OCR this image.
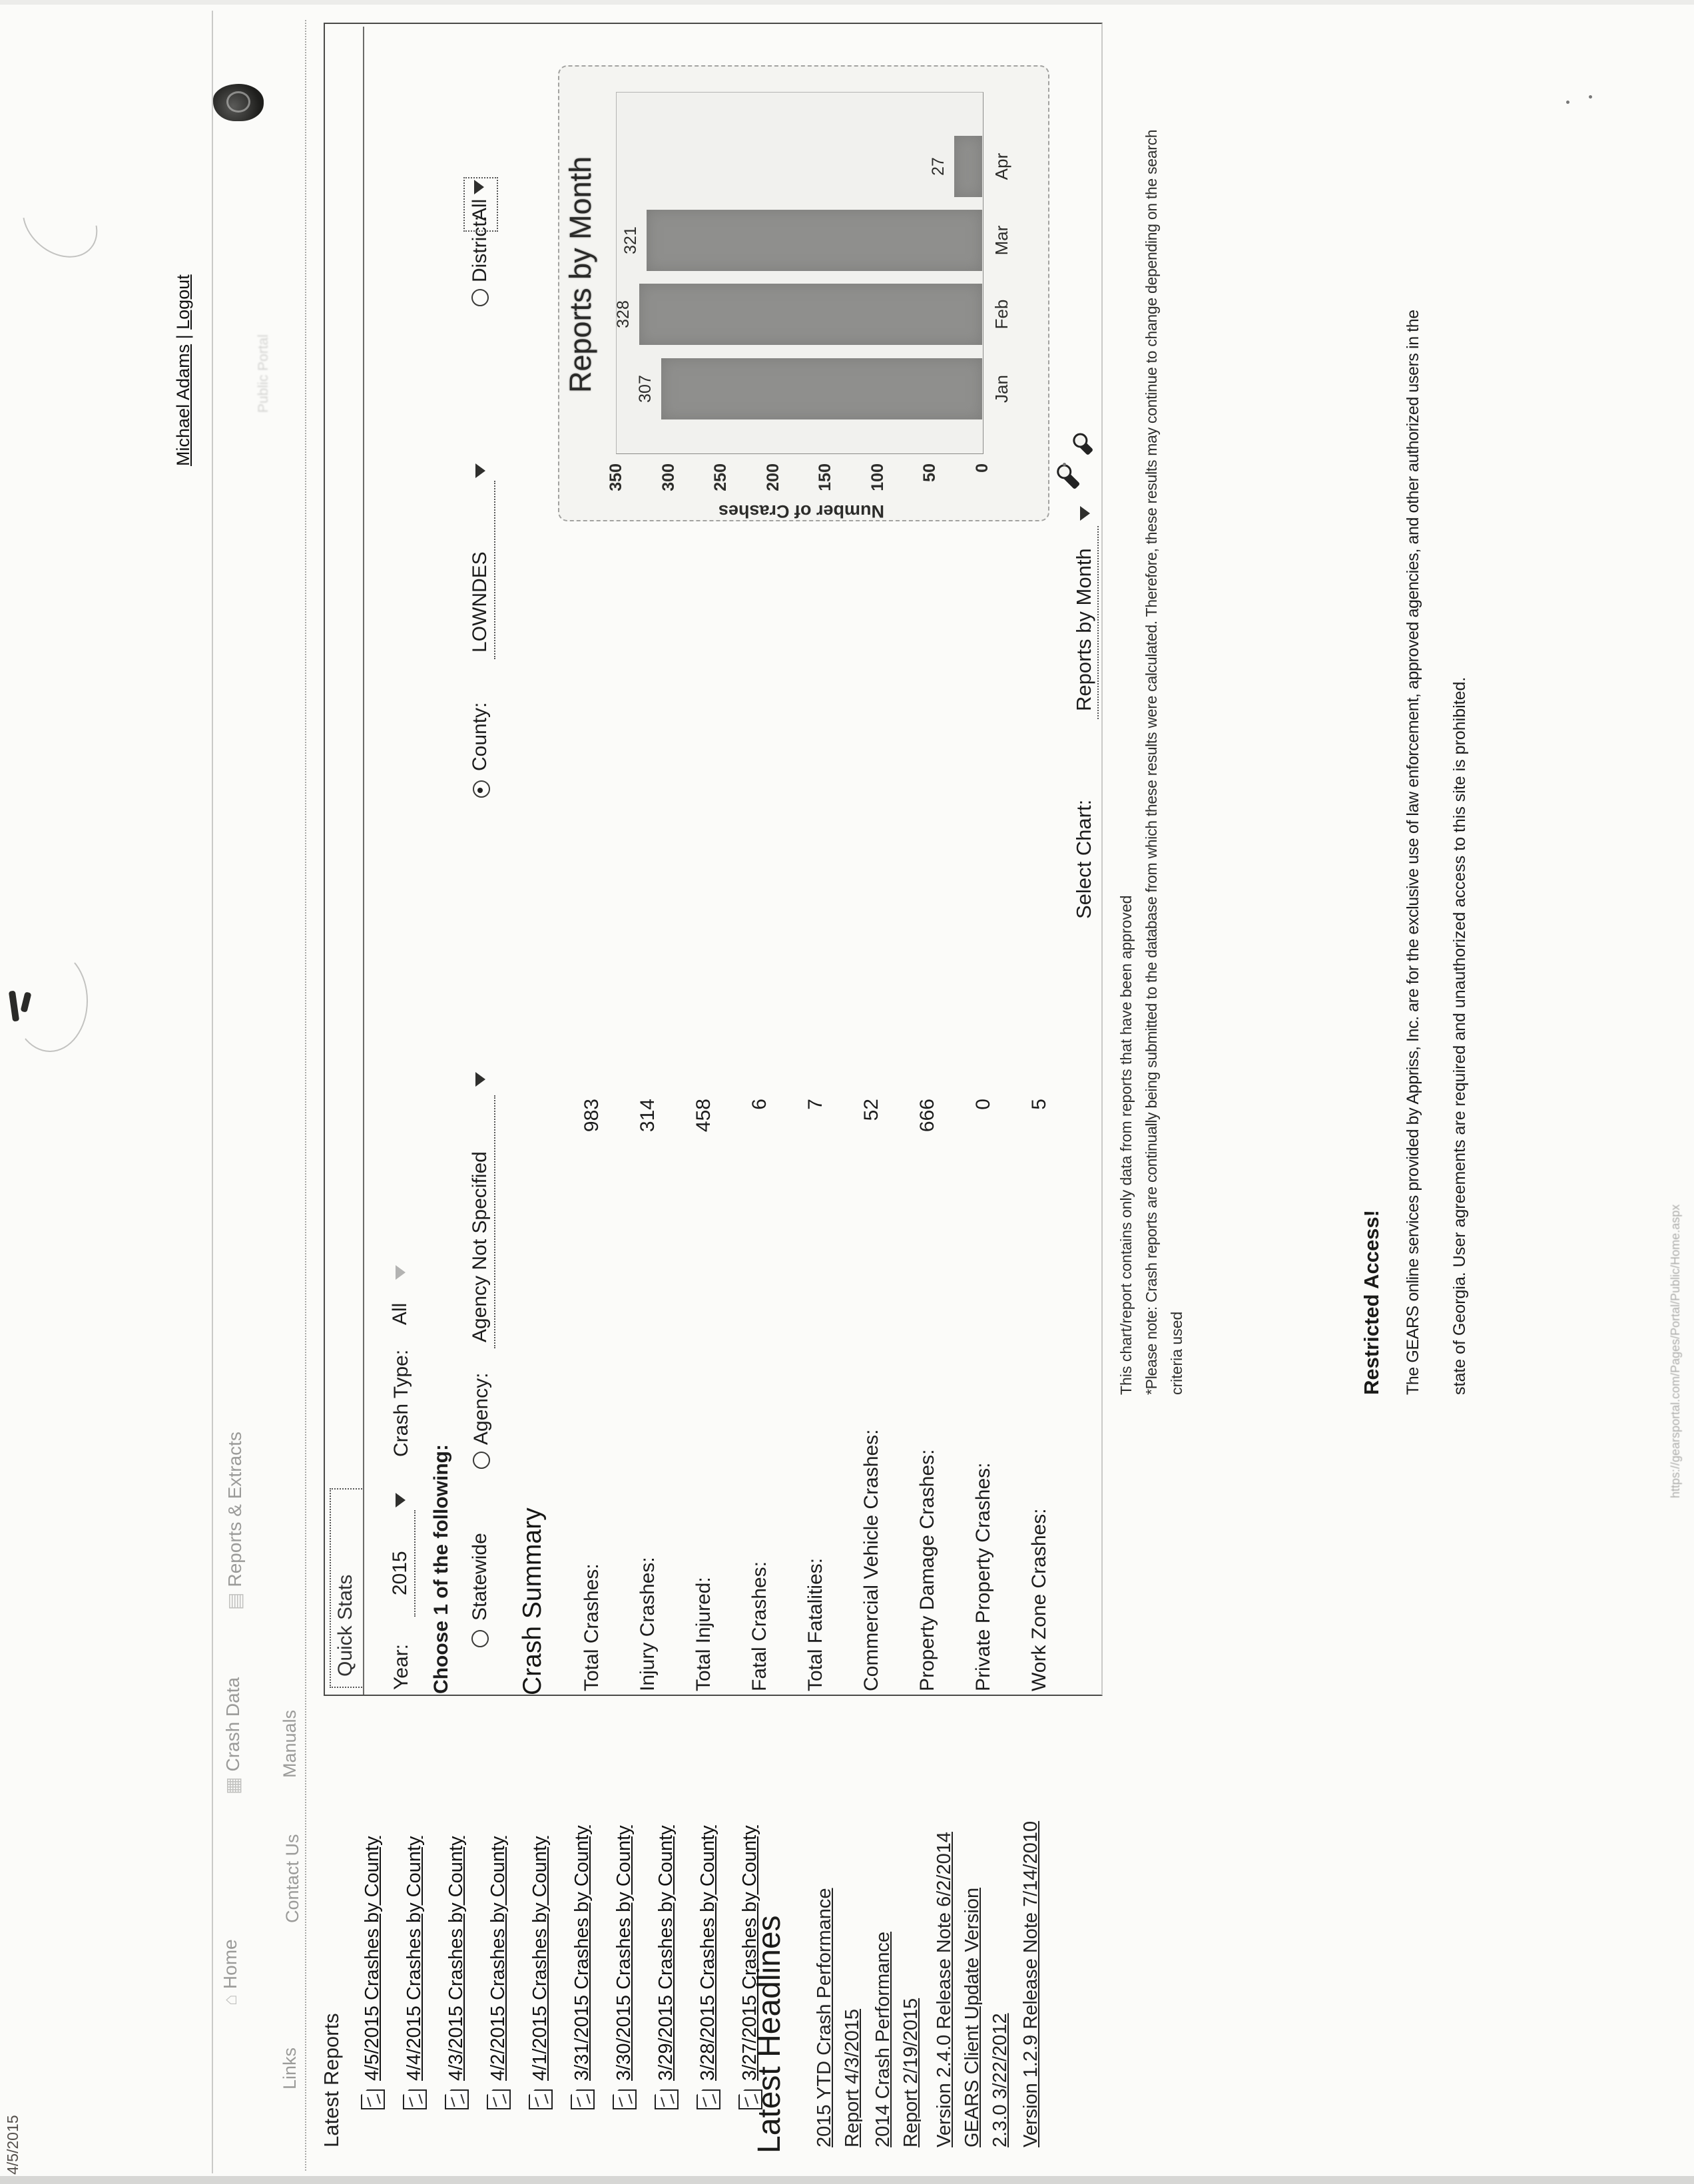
4/5/2015
Michael Adams | Logout
Public Portal
⌂Home
▦Crash Data
▤Reports & Extracts
Links
Contact Us
Manuals
Latest Reports 4/5/2015 Crashes by County 4/4/2015 Crashes by County 4/3/2015 Crashes by County 4/2/2015 Crashes by County 4/1/2015 Crashes by County 3/31/2015 Crashes by County 3/30/2015 Crashes by County 3/29/2015 Crashes by County 3/28/2015 Crashes by County 3/27/2015 Crashes by County
Latest Headlines 2015 YTD Crash Performance Report 4/3/2015 2014 Crash Performance Report 2/19/2015 Version 2.4.0 Release Note 6/2/2014 GEARS Client Update Version 2.3.0 3/22/2012 Version 1.2.9 Release Note 7/14/2010
Quick Stats Year:
2015
Crash Type:
All
Choose 1 of the following: Statewide
Agency:
Agency Not Specified
County:
LOWNDES
District:
All
Crash Summary Total Crashes:
983
Injury Crashes:
314
Total Injured:
458
Fatal Crashes:
6
Total Fatalities:
7
Commercial Vehicle Crashes:
52
Property Damage Crashes:
666
Private Property Crashes:
0
Work Zone Crashes:
5
Reports by Month
0
50
100
150
200
250
300
350
307	Jan
328	Feb
321	Mar
27	Apr
Number of Crashes
Select Chart:
Reports by Month
This chart/report contains only data from reports that have been approved *Please note: Crash reports are continually being submitted to the database from which these results were calculated. Therefore, these results may continue to change depending on the search criteria used	Restricted Access! The GEARS online services provided by Appriss, Inc. are for the exclusive use of law enforcement, approved agencies, and other authorized users in the state of Georgia. User agreements are required and unauthorized access to this site is prohibited.	https://gearsportal.com/Pages/Portal/Public/Home.aspx
